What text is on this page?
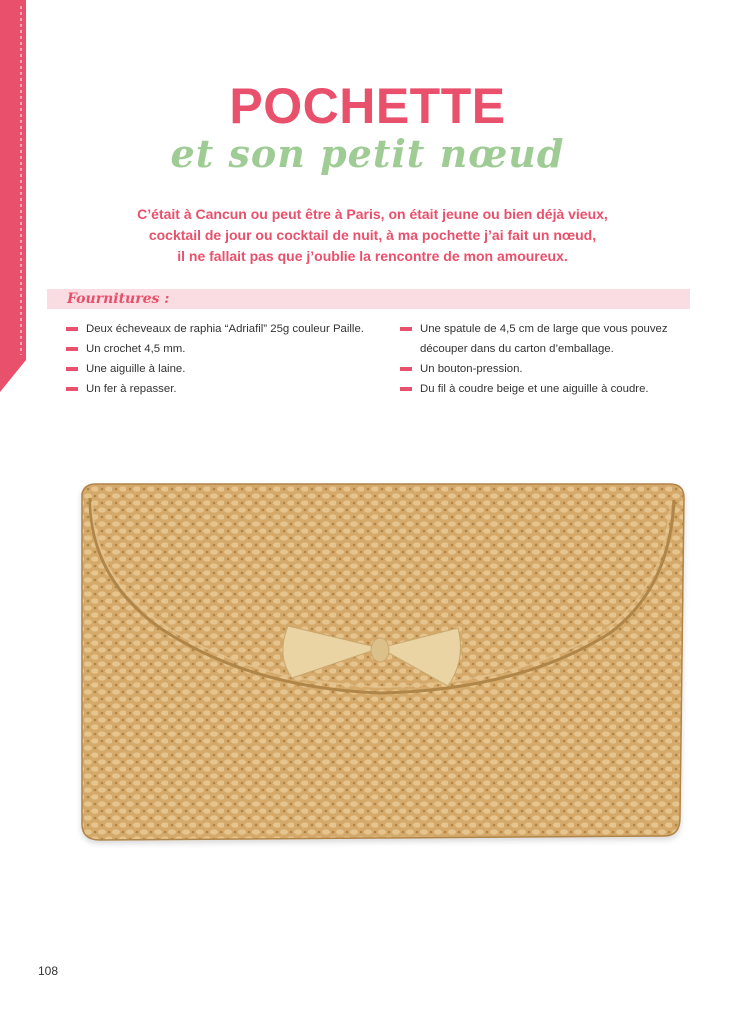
POCHETTE
et son petit nœud
C’était à Cancun ou peut être à Paris, on était jeune ou bien déjà vieux,
cocktail de jour ou cocktail de nuit, à ma pochette j’ai fait un nœud,
il ne fallait pas que j’oublie la rencontre de mon amoureux.
Fournitures :
Deux écheveaux de raphia “Adriafil” 25g couleur Paille.
Un crochet 4,5 mm.
Une aiguille à laine.
Un fer à repasser.
Une spatule de 4,5 cm de large que vous pouvez découper dans du carton d’emballage.
Un bouton-pression.
Du fil à coudre beige et une aiguille à coudre.
108
